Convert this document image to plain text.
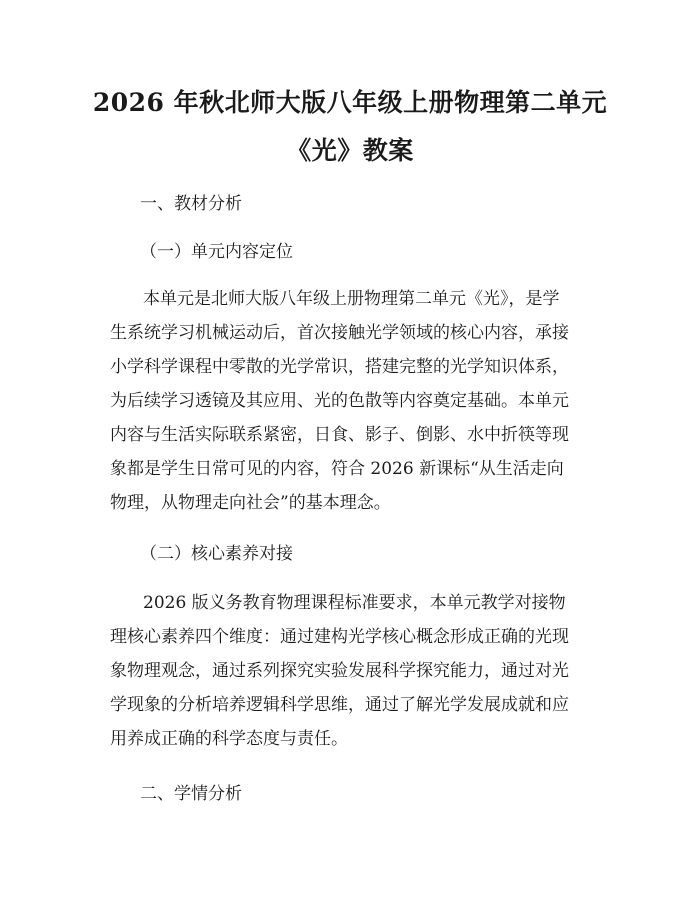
2026 年秋北师大版八年级上册物理第二单元
《光》教案

一、教材分析

（一）单元内容定位

本单元是北师大版八年级上册物理第二单元《光》，是学
生系统学习机械运动后，首次接触光学领域的核心内容，承接
小学科学课程中零散的光学常识，搭建完整的光学知识体系，
为后续学习透镜及其应用、光的色散等内容奠定基础。本单元
内容与生活实际联系紧密，日食、影子、倒影、水中折筷等现
象都是学生日常可见的内容，符合 2026 新课标“从生活走向
物理，从物理走向社会”的基本理念。

（二）核心素养对接

2026 版义务教育物理课程标准要求，本单元教学对接物
理核心素养四个维度：通过建构光学核心概念形成正确的光现
象物理观念，通过系列探究实验发展科学探究能力，通过对光
学现象的分析培养逻辑科学思维，通过了解光学发展成就和应
用养成正确的科学态度与责任。

二、学情分析
